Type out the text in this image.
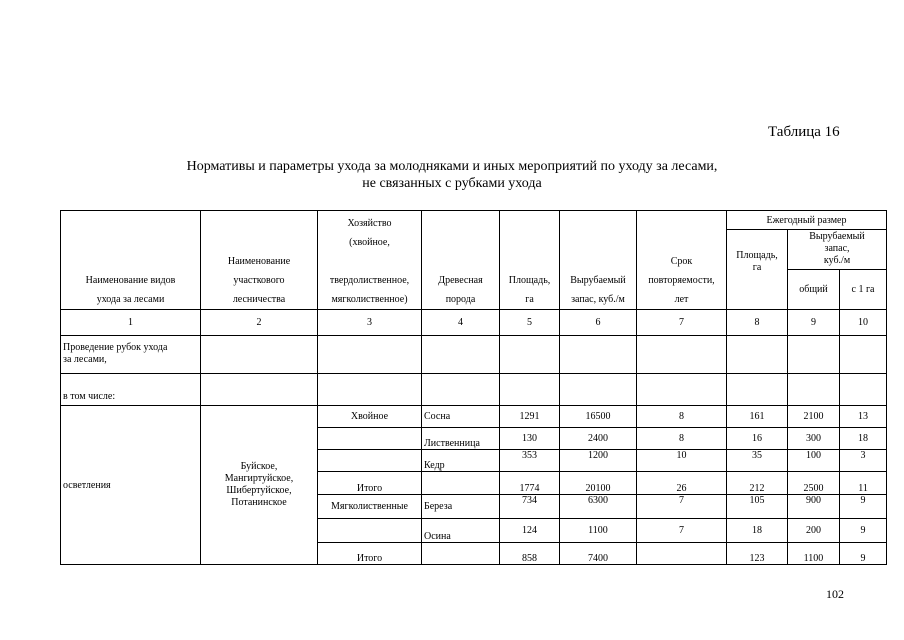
Таблица 16
Нормативы и параметры ухода за молодняками и иных мероприятий по уходу за лесами,
не связанных с рубками ухода
Наименование видов
ухода за лесами	Наименование
участкового
лесничества	Хозяйство
(хвойное,

твердолиственное,
мягколиственное)	Древесная
порода	Площадь,
га	Вырубаемый
запас, куб./м	Срок
повторяемости,
лет	Ежегодный размер		
							Площадь,
га	Вырубаемый
запас,
куб./м	
								общий	с 1 га
1	2	3	4	5	6	7	8	9	10
Проведение рубок ухода
за лесами,									
в том числе:									
осветления	Буйское,
Мангиртуйское,
Шибертуйское,
Потанинское	Хвойное	Сосна	1291	16500	8	161	2100	13
			Лиственница	130	2400	8	16	300	18
			Кедр	353	1200	10	35	100	3
		Итого		1774	20100	26	212	2500	11
		Мягколиственные	Береза	734	6300	7	105	900	9
			Осина	124	1100	7	18	200	9
		Итого		858	7400		123	1100	9
102
